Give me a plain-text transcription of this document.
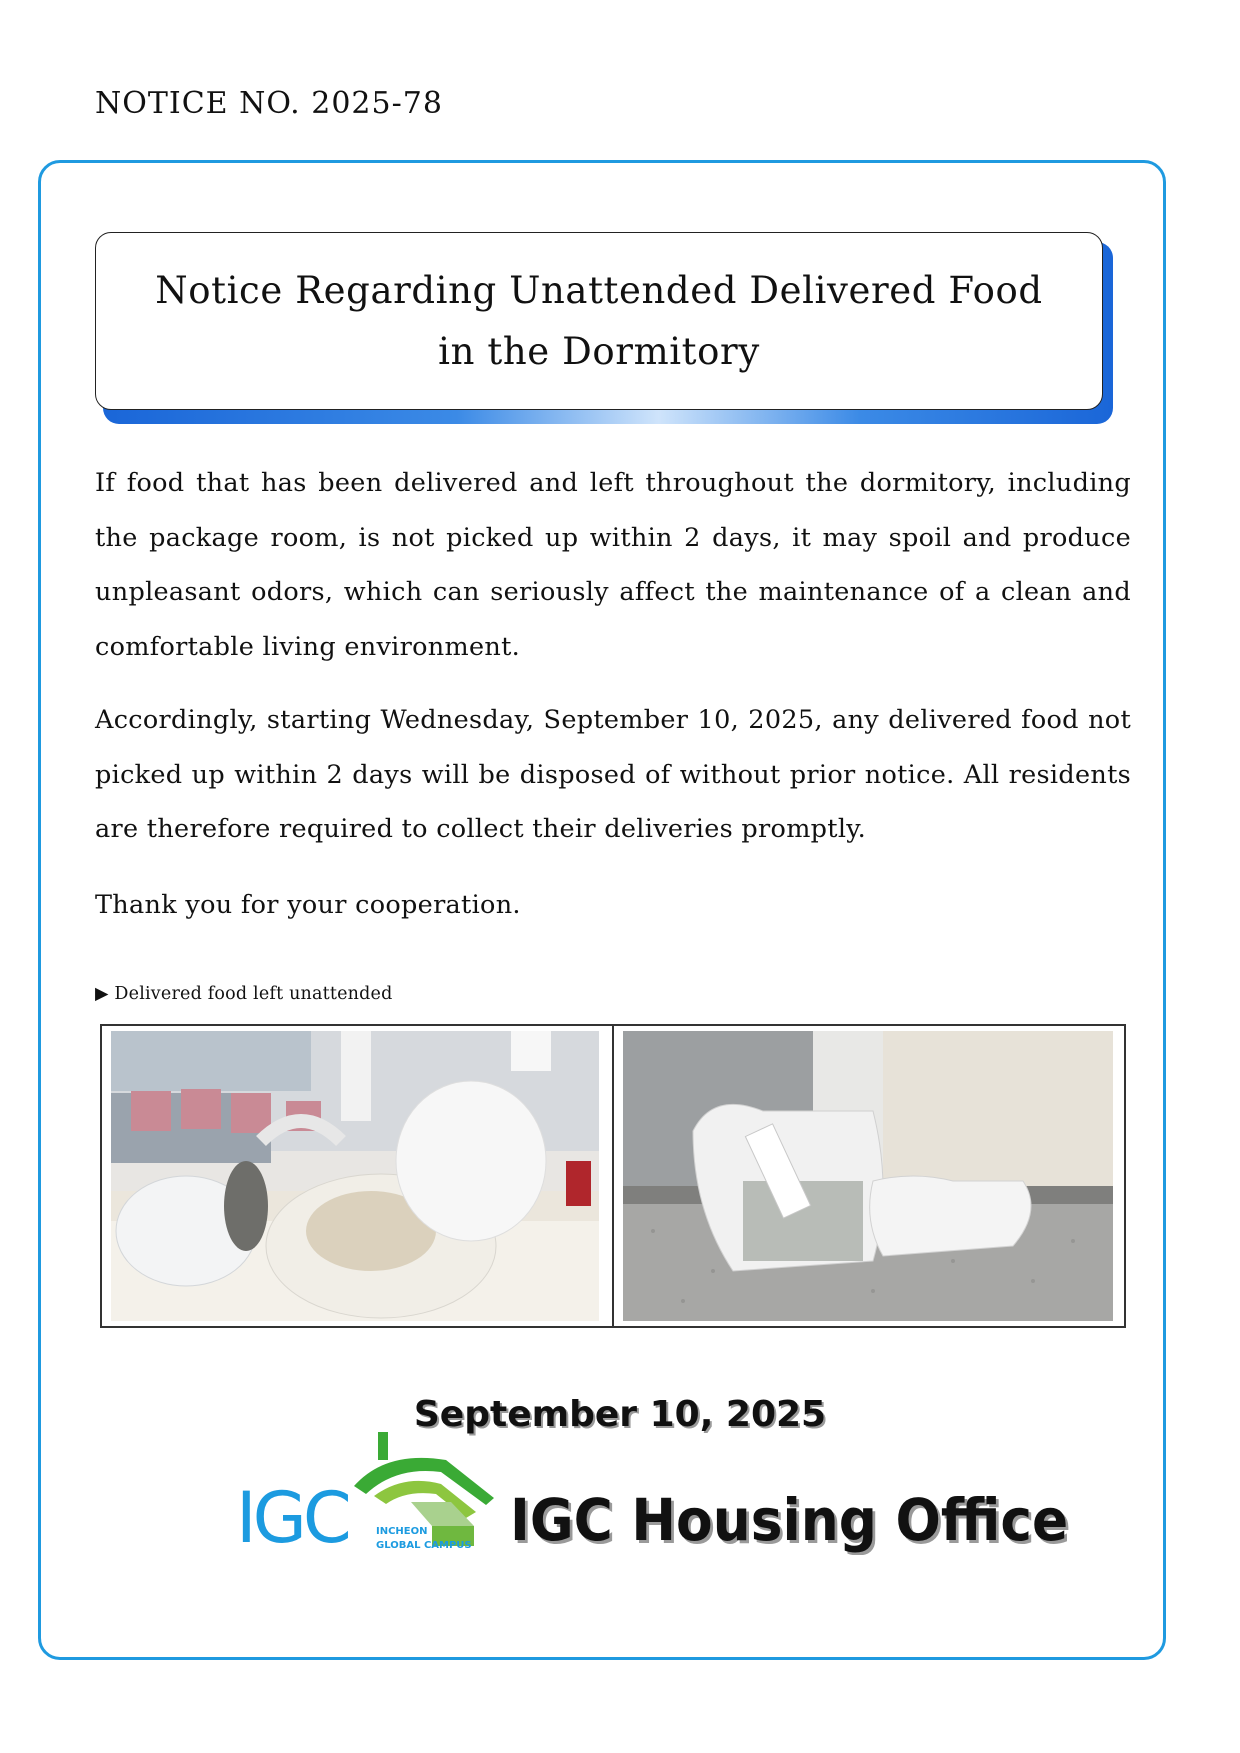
NOTICE NO. 2025-78
Notice Regarding Unattended Delivered Food
in the Dormitory

If food that has been delivered and left throughout the dormitory, including the package room, is not picked up within 2 days, it may spoil and produce unpleasant odors, which can seriously affect the maintenance of a clean and comfortable living environment.

Accordingly, starting Wednesday, September 10, 2025, any delivered food not picked up within 2 days will be disposed of without prior notice. All residents are therefore required to collect their deliveries promptly.

Thank you for your cooperation.

▶ Delivered food left unattended
September 10, 2025
IGC	INCHEON
GLOBAL CAMPUS IGC Housing Office
